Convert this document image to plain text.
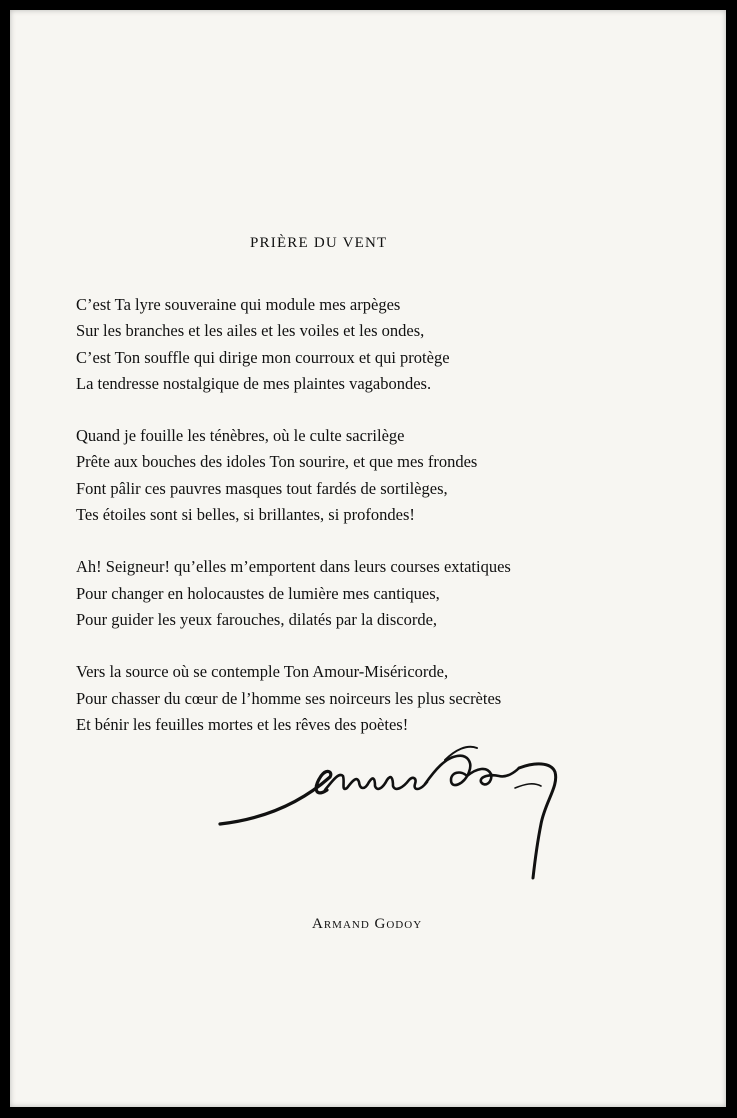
PRIÈRE DU VENT
C’est Ta lyre souveraine qui module mes arpèges
Sur les branches et les ailes et les voiles et les ondes,
C’est Ton souffle qui dirige mon courroux et qui protège
La tendresse nostalgique de mes plaintes vagabondes.
Quand je fouille les ténèbres, où le culte sacrilège
Prête aux bouches des idoles Ton sourire, et que mes frondes
Font pâlir ces pauvres masques tout fardés de sortilèges,
Tes étoiles sont si belles, si brillantes, si profondes!
Ah! Seigneur! qu’elles m’emportent dans leurs courses extatiques
Pour changer en holocaustes de lumière mes cantiques,
Pour guider les yeux farouches, dilatés par la discorde,
Vers la source où se contemple Ton Amour-Miséricorde,
Pour chasser du cœur de l’homme ses noirceurs les plus secrètes
Et bénir les feuilles mortes et les rêves des poètes!
Armand Godoy
